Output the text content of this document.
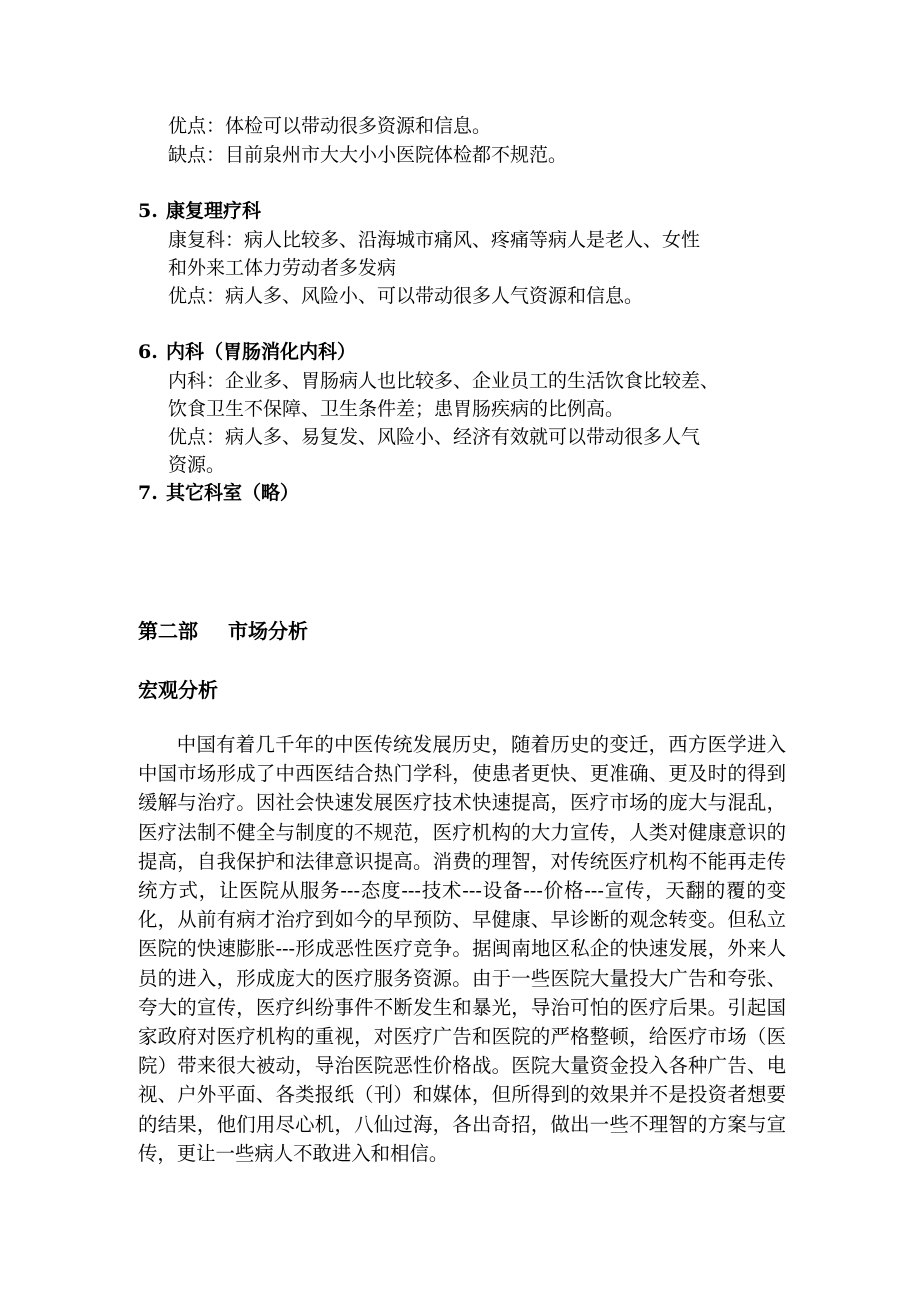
优点：体检可以带动很多资源和信息。
缺点：目前泉州市大大小小医院体检都不规范。
5. 康复理疗科
康复科：病人比较多、沿海城市痛风、疼痛等病人是老人、女性
和外来工体力劳动者多发病
优点：病人多、风险小、可以带动很多人气资源和信息。
6. 内科（胃肠消化内科）
内科：企业多、胃肠病人也比较多、企业员工的生活饮食比较差、
饮食卫生不保障、卫生条件差；患胃肠疾病的比例高。
优点：病人多、易复发、风险小、经济有效就可以带动很多人气
资源。
7. 其它科室（略）
第二部 市场分析
宏观分析
中国有着几千年的中医传统发展历史，随着历史的变迁，西方医学进入中国市场形成了中西医结合热门学科，使患者更快、更准确、更及时的得到缓解与治疗。因社会快速发展医疗技术快速提高，医疗市场的庞大与混乱，医疗法制不健全与制度的不规范，医疗机构的大力宣传，人类对健康意识的提高，自我保护和法律意识提高。消费的理智，对传统医疗机构不能再走传统方式，让医院从服务---态度---技术---设备---价格---宣传，天翻的覆的变化，从前有病才治疗到如今的早预防、早健康、早诊断的观念转变。但私立医院的快速膨胀---形成恶性医疗竞争。据闽南地区私企的快速发展，外来人员的进入，形成庞大的医疗服务资源。由于一些医院大量投大广告和夸张、夸大的宣传，医疗纠纷事件不断发生和暴光，导治可怕的医疗后果。引起国家政府对医疗机构的重视，对医疗广告和医院的严格整顿，给医疗市场（医院）带来很大被动，导治医院恶性价格战。医院大量资金投入各种广告、电视、户外平面、各类报纸（刊）和媒体，但所得到的效果并不是投资者想要的结果，他们用尽心机，八仙过海，各出奇招，做出一些不理智的方案与宣传，更让一些病人不敢进入和相信。
